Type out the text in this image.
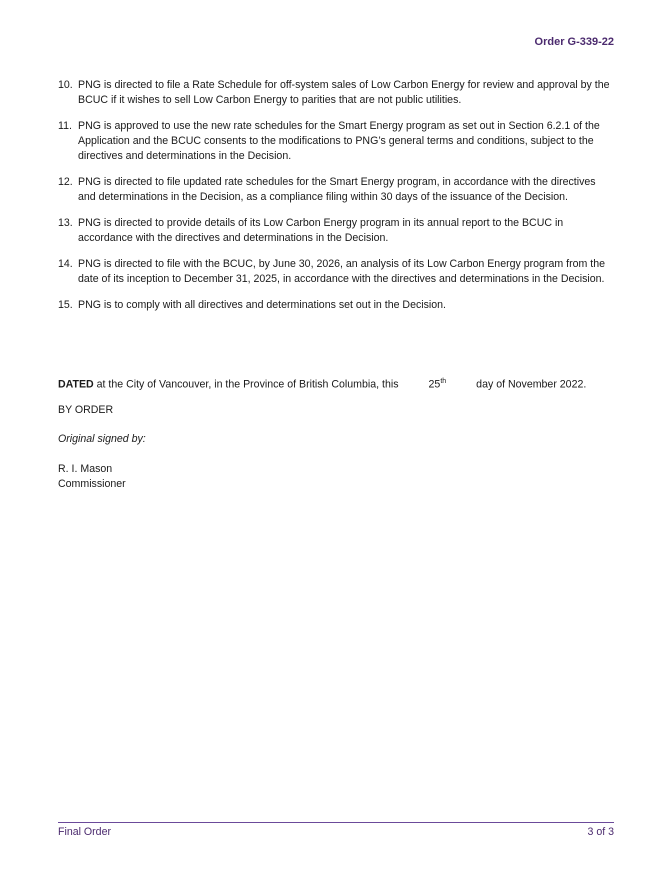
Order G-339-22
10. PNG is directed to file a Rate Schedule for off-system sales of Low Carbon Energy for review and approval by the BCUC if it wishes to sell Low Carbon Energy to parities that are not public utilities.
11. PNG is approved to use the new rate schedules for the Smart Energy program as set out in Section 6.2.1 of the Application and the BCUC consents to the modifications to PNG’s general terms and conditions, subject to the directives and determinations in the Decision.
12. PNG is directed to file updated rate schedules for the Smart Energy program, in accordance with the directives and determinations in the Decision, as a compliance filing within 30 days of the issuance of the Decision.
13. PNG is directed to provide details of its Low Carbon Energy program in its annual report to the BCUC in accordance with the directives and determinations in the Decision.
14. PNG is directed to file with the BCUC, by June 30, 2026, an analysis of its Low Carbon Energy program from the date of its inception to December 31, 2025, in accordance with the directives and determinations in the Decision.
15. PNG is to comply with all directives and determinations set out in the Decision.
DATED at the City of Vancouver, in the Province of British Columbia, this	25th	day of November 2022.
BY ORDER
Original signed by:
R. I. Mason
Commissioner
Final Order	3 of 3
